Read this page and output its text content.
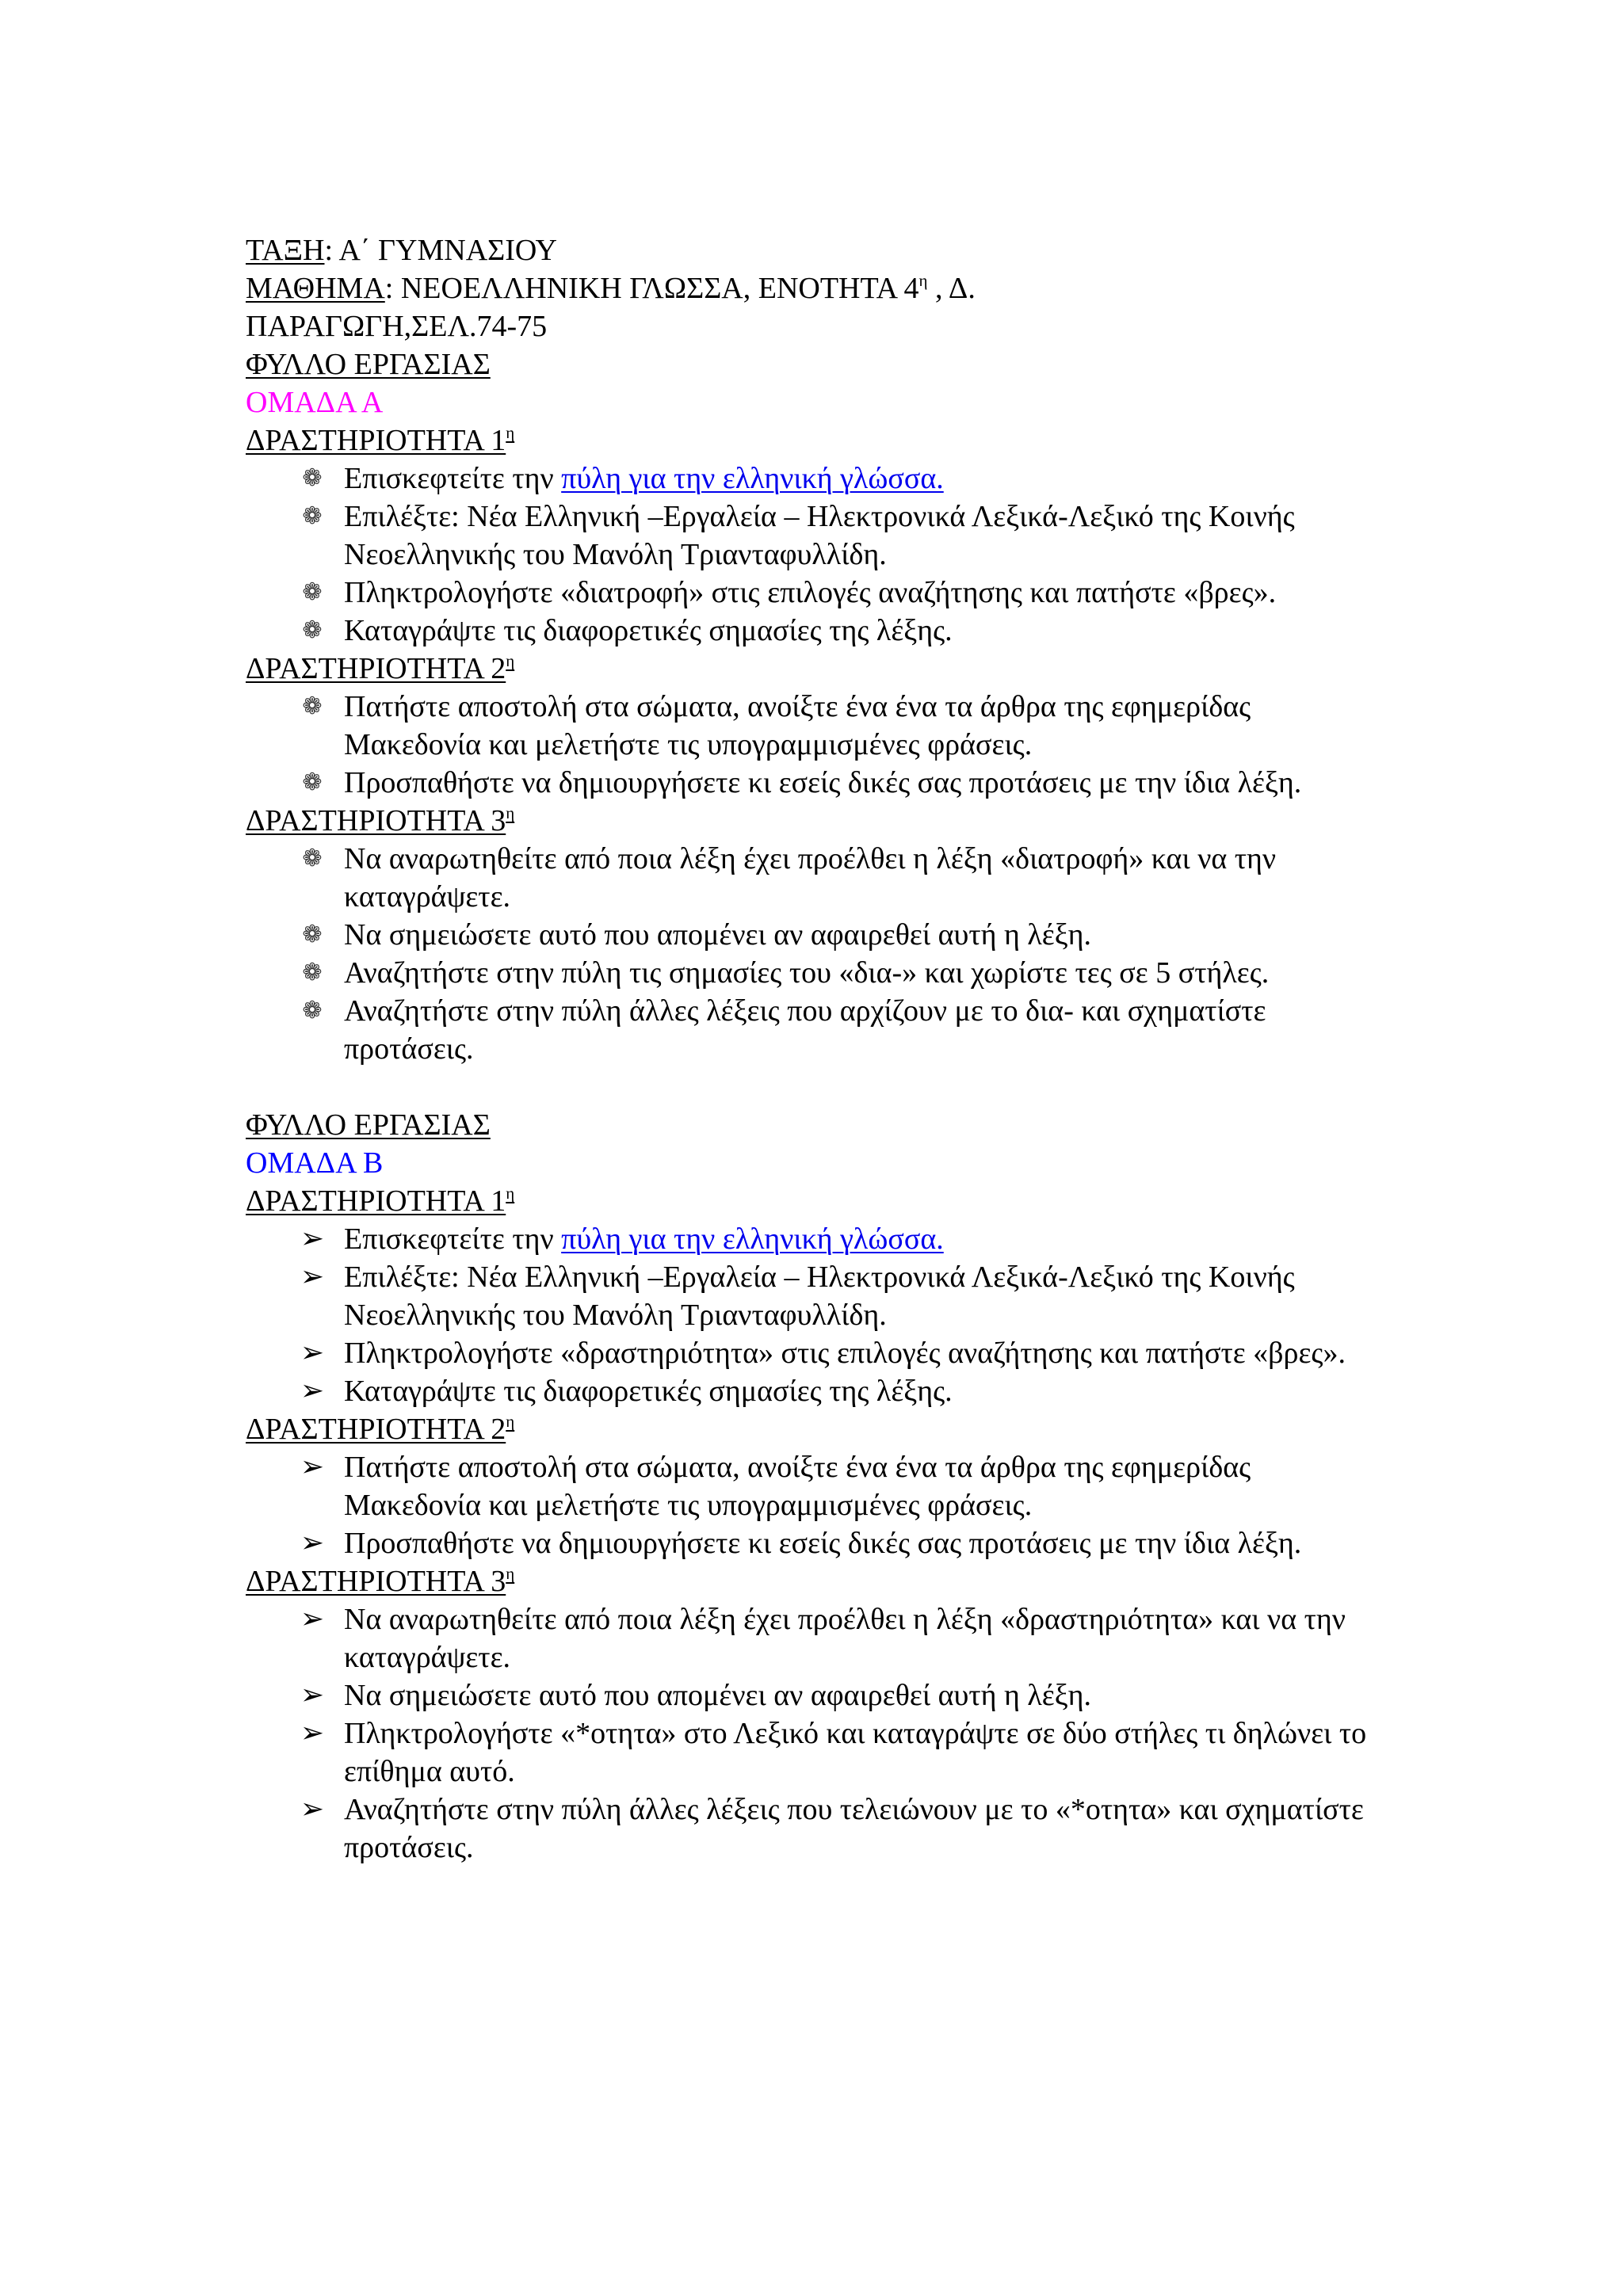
ΤΑΞΗ: Α΄ ΓΥΜΝΑΣΙΟΥ
ΜΑΘΗΜΑ: ΝΕΟΕΛΛΗΝΙΚΗ ΓΛΩΣΣΑ, ΕΝΟΤΗΤΑ $4^\eta$ , Δ.
ΠΑΡΑΓΩΓΗ,ΣΕΛ.74-75
ΦΥΛΛΟ ΕΡΓΑΣΙΑΣ
ΟΜΑΔΑ Α
ΔΡΑΣΤΗΡΙΟΤΗΤΑ $1^\eta$
❁ Επισκεφτείτε την πύλη για την ελληνική γλώσσα.
❁ Επιλέξτε: Νέα Ελληνική –Εργαλεία – Ηλεκτρονικά Λεξικά-Λεξικό της Κοινής Νεοελληνικής του Μανόλη Τριανταφυλλίδη.
❁ Πληκτρολογήστε «διατροφή» στις επιλογές αναζήτησης και πατήστε «βρες».
❁ Καταγράψτε τις διαφορετικές σημασίες της λέξης.
ΔΡΑΣΤΗΡΙΟΤΗΤΑ $2^\eta$
❁ Πατήστε αποστολή στα σώματα, ανοίξτε ένα ένα τα άρθρα της εφημερίδας Μακεδονία και μελετήστε τις υπογραμμισμένες φράσεις.
❁ Προσπαθήστε να δημιουργήσετε κι εσείς δικές σας προτάσεις με την ίδια λέξη.
ΔΡΑΣΤΗΡΙΟΤΗΤΑ $3^\eta$
❁ Να αναρωτηθείτε από ποια λέξη έχει προέλθει η λέξη «διατροφή» και να την καταγράψετε.
❁ Να σημειώσετε αυτό που απομένει αν αφαιρεθεί αυτή η λέξη.
❁ Αναζητήστε στην πύλη τις σημασίες του «δια-» και χωρίστε τες σε 5 στήλες.
❁ Αναζητήστε στην πύλη άλλες λέξεις που αρχίζουν με το δια- και σχηματίστε προτάσεις.
ΦΥΛΛΟ ΕΡΓΑΣΙΑΣ
ΟΜΑΔΑ Β
ΔΡΑΣΤΗΡΙΟΤΗΤΑ $1^\eta$
➢ Επισκεφτείτε την πύλη για την ελληνική γλώσσα.
➢ Επιλέξτε: Νέα Ελληνική –Εργαλεία – Ηλεκτρονικά Λεξικά-Λεξικό της Κοινής Νεοελληνικής του Μανόλη Τριανταφυλλίδη.
➢ Πληκτρολογήστε «δραστηριότητα» στις επιλογές αναζήτησης και πατήστε «βρες».
➢ Καταγράψτε τις διαφορετικές σημασίες της λέξης.
ΔΡΑΣΤΗΡΙΟΤΗΤΑ $2^\eta$
➢ Πατήστε αποστολή στα σώματα, ανοίξτε ένα ένα τα άρθρα της εφημερίδας Μακεδονία και μελετήστε τις υπογραμμισμένες φράσεις.
➢ Προσπαθήστε να δημιουργήσετε κι εσείς δικές σας προτάσεις με την ίδια λέξη.
ΔΡΑΣΤΗΡΙΟΤΗΤΑ $3^\eta$
➢ Να αναρωτηθείτε από ποια λέξη έχει προέλθει η λέξη «δραστηριότητα» και να την καταγράψετε.
➢ Να σημειώσετε αυτό που απομένει αν αφαιρεθεί αυτή η λέξη.
➢ Πληκτρολογήστε «*οτητα» στο Λεξικό και καταγράψτε σε δύο στήλες τι δηλώνει το επίθημα αυτό.
➢ Αναζητήστε στην πύλη άλλες λέξεις που τελειώνουν με το «*οτητα» και σχηματίστε προτάσεις.
